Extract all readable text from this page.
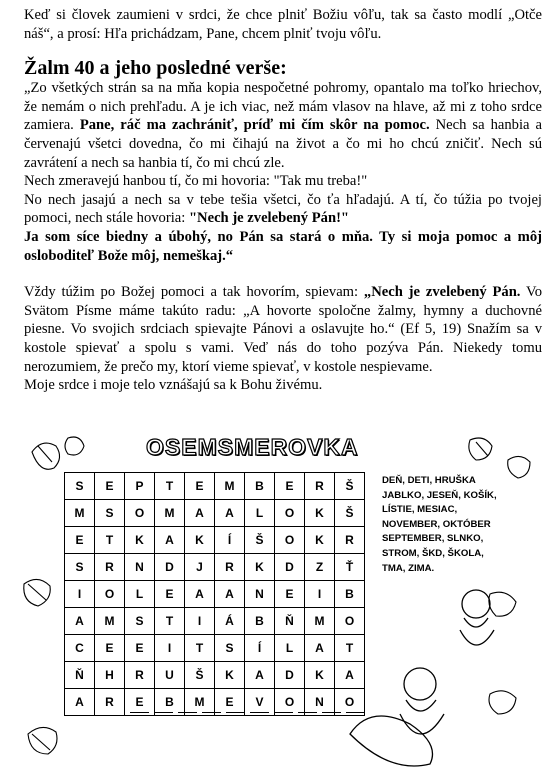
Keď si človek zaumieni v srdci, že chce plniť Božiu vôľu, tak sa často modlí „Otče náš“, a prosí: Hľa prichádzam, Pane, chcem plniť tvoju vôľu.

Žalm 40 a jeho posledné verše:

„Zo všetkých strán sa na mňa kopia nespočetné pohromy, opantalo ma toľko hriechov, že nemám o nich prehľadu. A je ich viac, než mám vlasov na hlave, až mi z toho srdce zamiera. Pane, ráč ma zachrániť, príď mi čím skôr na pomoc. Nech sa hanbia a červenajú všetci dovedna, čo mi čihajú na život a čo mi ho chcú zničiť. Nech sú zavrátení a nech sa hanbia tí, čo mi chcú zle.

Nech zmeravejú hanbou tí, čo mi hovoria: "Tak mu treba!"

No nech jasajú a nech sa v tebe tešia všetci, čo ťa hľadajú. A tí, čo túžia po tvojej pomoci, nech stále hovoria: "Nech je zvelebený Pán!"

Ja som síce biedny a úbohý, no Pán sa stará o mňa. Ty si moja pomoc a môj osloboditeľ Bože môj, nemeškaj.“

Vždy túžim po Božej pomoci a tak hovorím, spievam: „Nech je zvelebený Pán. Vo Svätom Písme máme takúto radu: „A hovorte spoločne žalmy, hymny a duchovné piesne. Vo svojich srdciach spievajte Pánovi a oslavujte ho.“ (Ef 5, 19) Snažím sa v kostole spievať a spolu s vami. Veď nás do toho pozýva Pán. Niekedy tomu nerozumiem, že prečo my, ktorí vieme spievať, v kostole nespievame.

Moje srdce i moje telo vznášajú sa k Bohu živému.

OSEMSMEROVKA
S	E	P	T	E	M	B	E	R	Š
M	S	O	M	A	A	L	O	K	Š
E	T	K	A	K	Í	Š	O	K	R
S	R	N	D	J	R	K	D	Z	Ť
I	O	L	E	A	A	N	E	I	B
A	M	S	T	I	Á	B	Ň	M	O
C	E	E	I	T	S	Í	L	A	T
Ň	H	R	U	Š	K	A	D	K	A
A	R	E	B	M	E	V	O	N	O
DEŇ, DETI, HRUŠKA
JABLKO, JESEŇ, KOŠÍK,
LÍSTIE, MESIAC,
NOVEMBER, OKTÓBER
SEPTEMBER, SLNKO,
STROM, ŠKD, ŠKOLA,
TMA, ZIMA.
